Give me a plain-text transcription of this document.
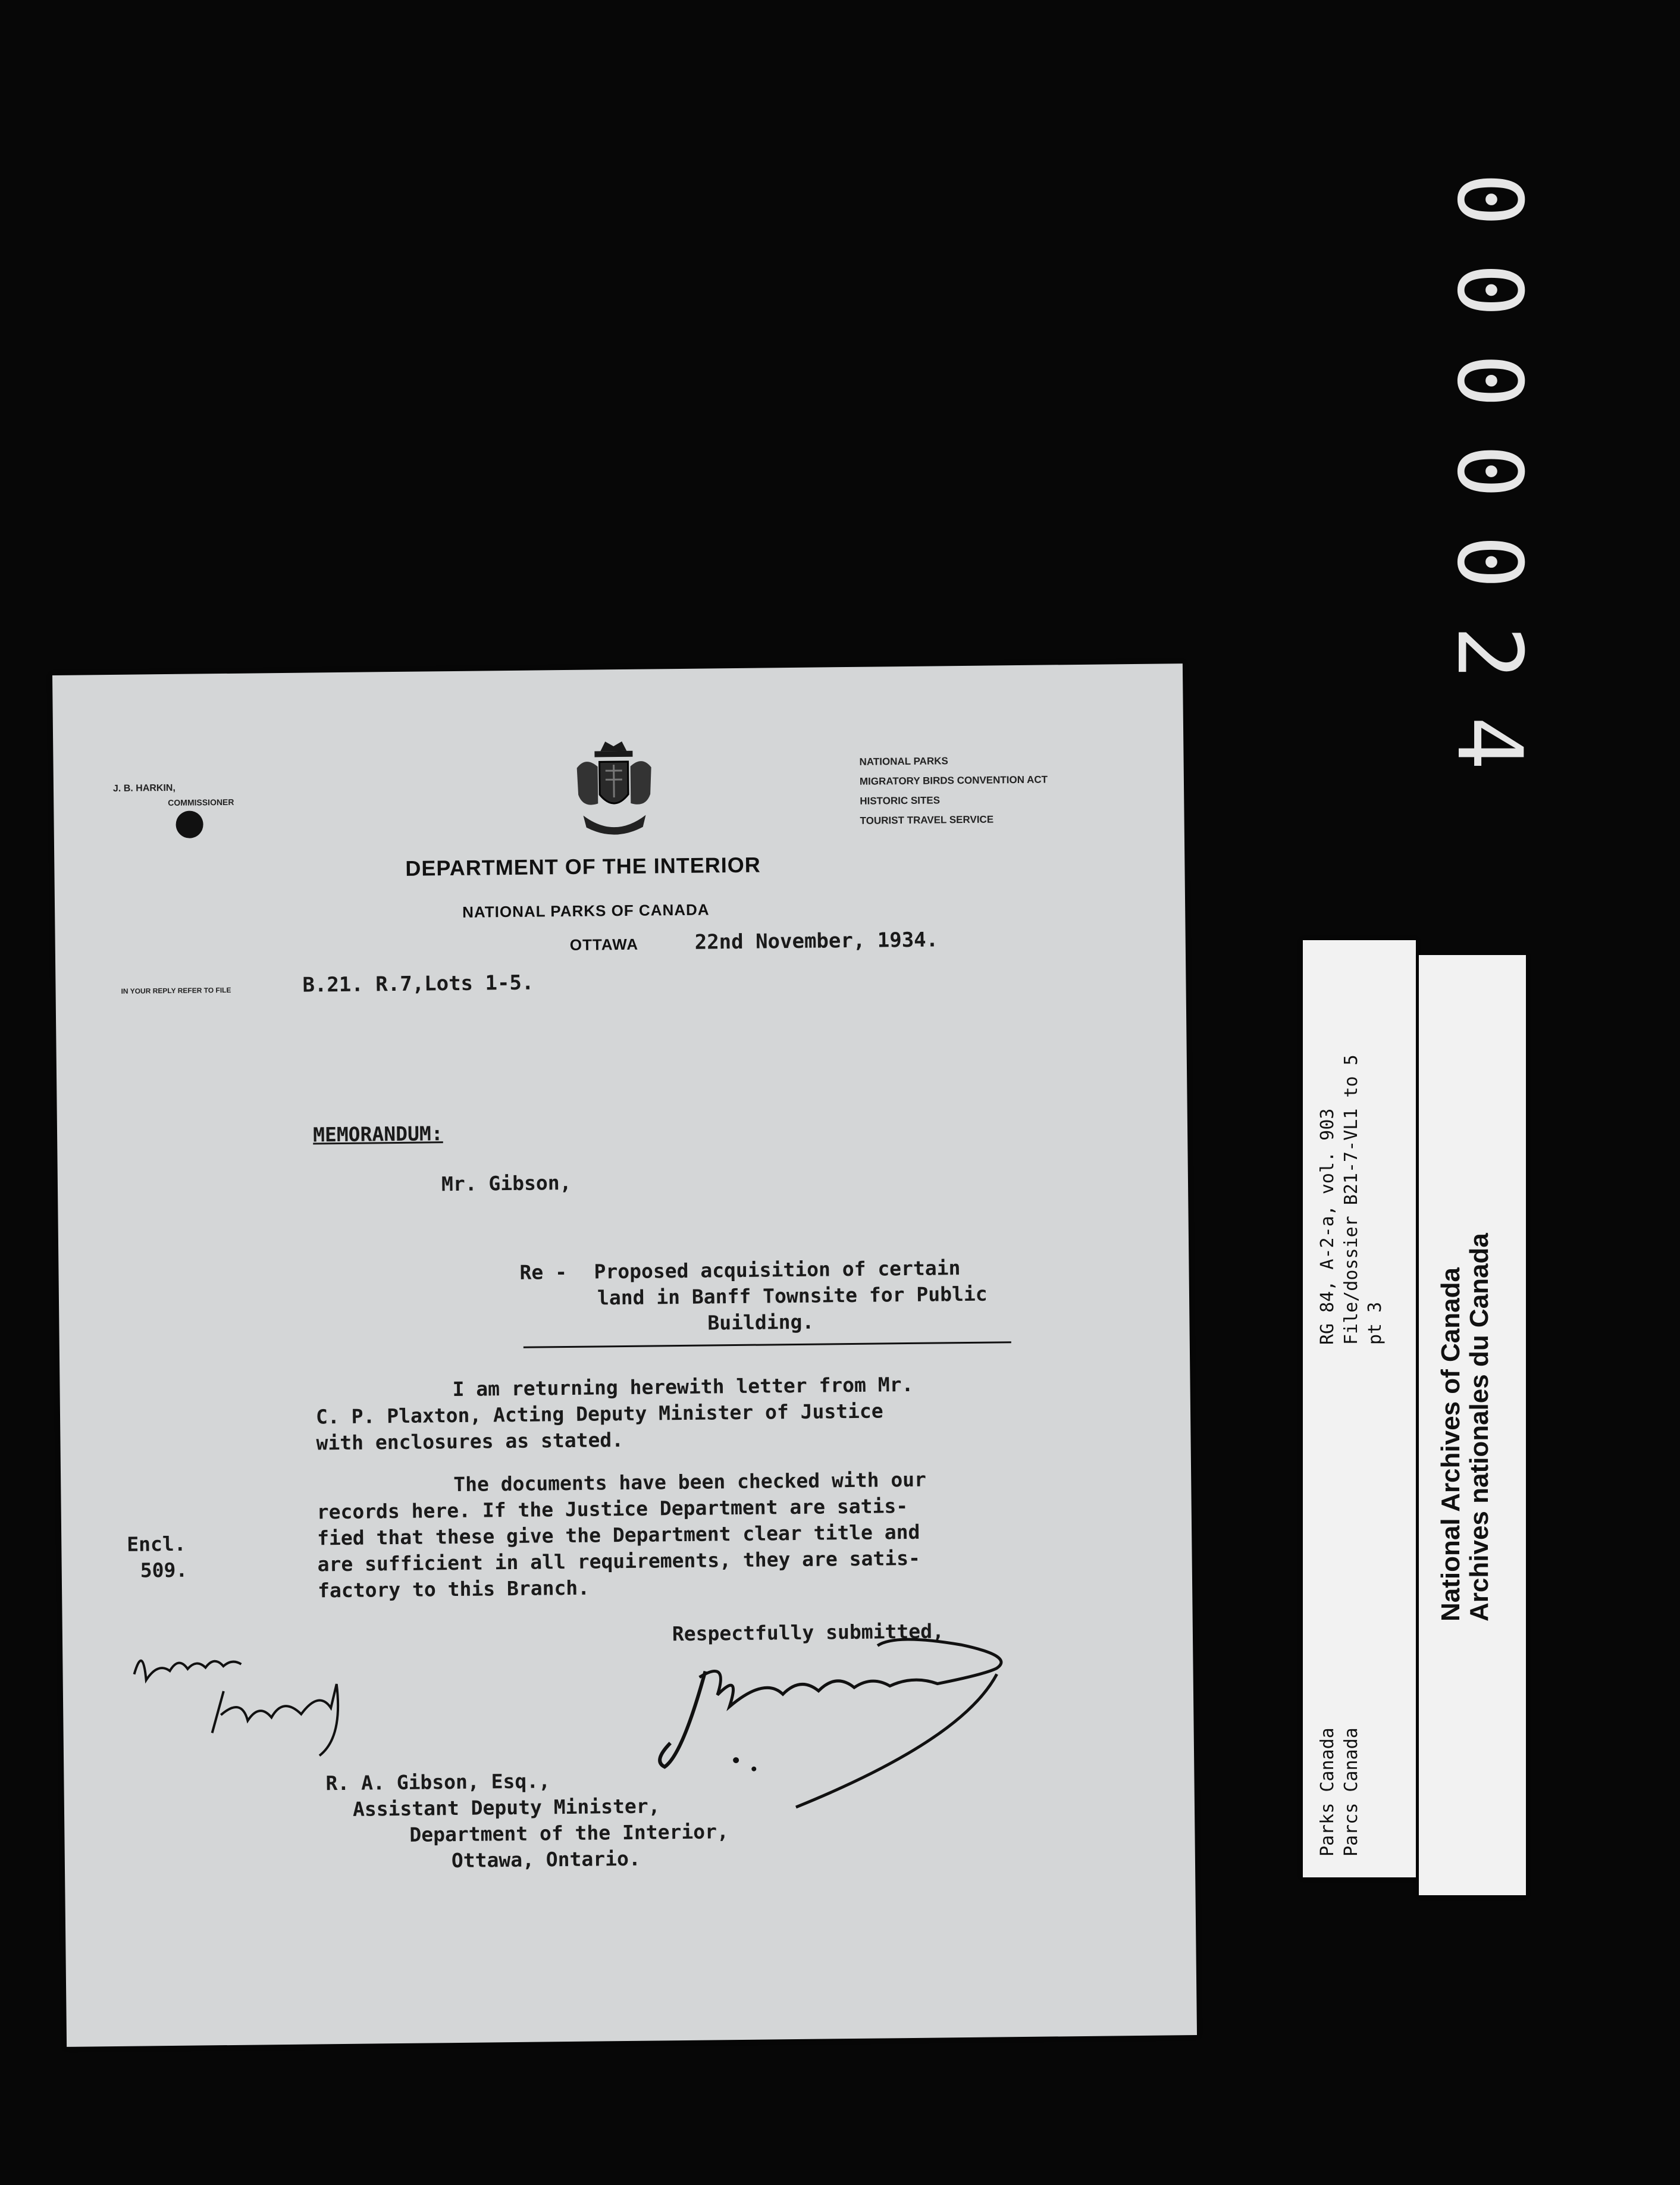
0000024
J. B. HARKIN,
COMMISSIONER
NATIONAL PARKS
MIGRATORY BIRDS CONVENTION ACT
HISTORIC SITES
TOURIST TRAVEL SERVICE
DEPARTMENT OF THE INTERIOR
NATIONAL PARKS OF CANADA
OTTAWA	22nd November, 1934.
IN YOUR REPLY REFER TO FILE	B.21. R.7,Lots 1-5.
MEMORANDUM:
Mr. Gibson,
Re - Proposed acquisition of certain
land in Banff Townsite for Public
Building.
I am returning herewith letter from Mr.
C. P. Plaxton, Acting Deputy Minister of Justice
with enclosures as stated.
The documents have been checked with our
records here. If the Justice Department are satis-
fied that these give the Department clear title and
are sufficient in all requirements, they are satis-
factory to this Branch.
Encl.
509.
Respectfully submitted,
R. A. Gibson, Esq.,
Assistant Deputy Minister,
Department of the Interior,
Ottawa, Ontario.
RG 84, A-2-a, vol. 903 File/dossier B21-7-VL1 to 5 pt 3
Parks Canada Parcs Canada
National Archives of Canada Archives nationales du Canada
